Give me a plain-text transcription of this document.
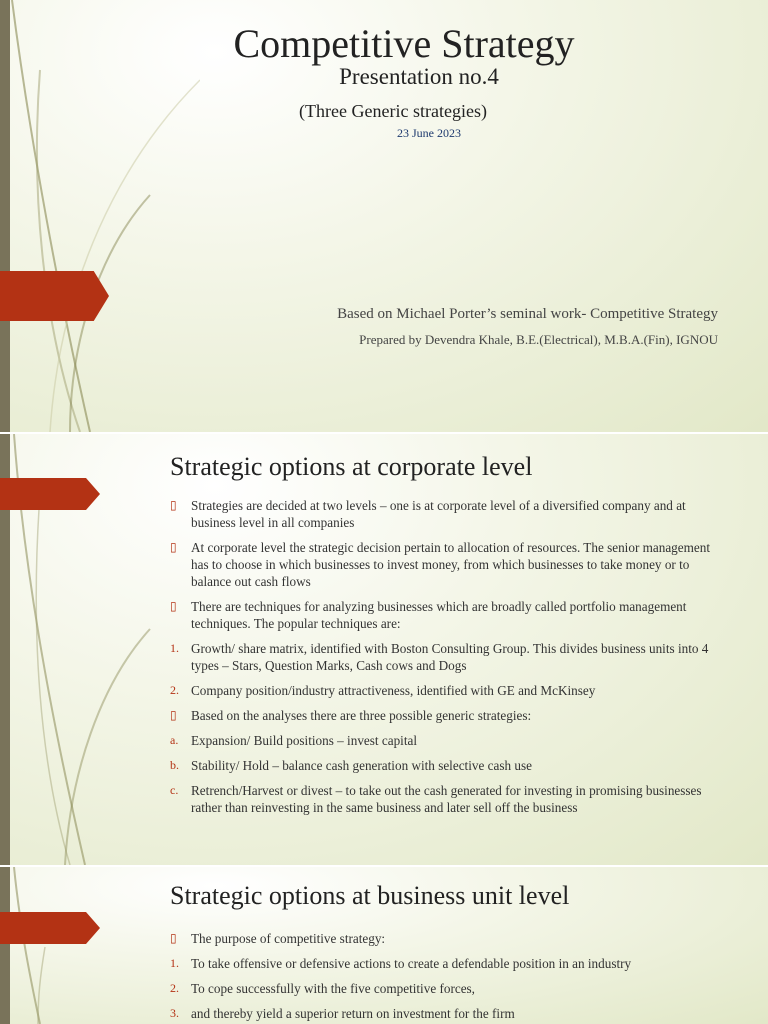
Competitive Strategy
Presentation no.4
(Three Generic strategies)
23 June 2023
Based on Michael Porter’s seminal work- Competitive Strategy
Prepared by Devendra Khale, B.E.(Electrical), M.B.A.(Fin), IGNOU
Strategic options at corporate level
▯ Strategies are decided at two levels – one is at corporate level of a diversified company and at business level in all companies
▯ At corporate level the strategic decision pertain to allocation of resources. The senior management has to choose in which businesses to invest money, from which businesses to take money or to balance out cash flows
▯ There are techniques for analyzing businesses which are broadly called portfolio management techniques. The popular techniques are:
1. Growth/ share matrix, identified with Boston Consulting Group. This divides business units into 4 types – Stars, Question Marks, Cash cows and Dogs
2. Company position/industry attractiveness, identified with GE and McKinsey
▯ Based on the analyses there are three possible generic strategies:
a. Expansion/ Build positions – invest capital
b. Stability/ Hold – balance cash generation with selective cash use
c. Retrench/Harvest or divest – to take out the cash generated for investing in promising businesses rather than reinvesting in the same business and later sell off the business
Strategic options at business unit level
▯ The purpose of competitive strategy:
1. To take offensive or defensive actions to create a defendable position in an industry
2. To cope successfully with the five competitive forces,
3. and thereby yield a superior return on investment for the firm
